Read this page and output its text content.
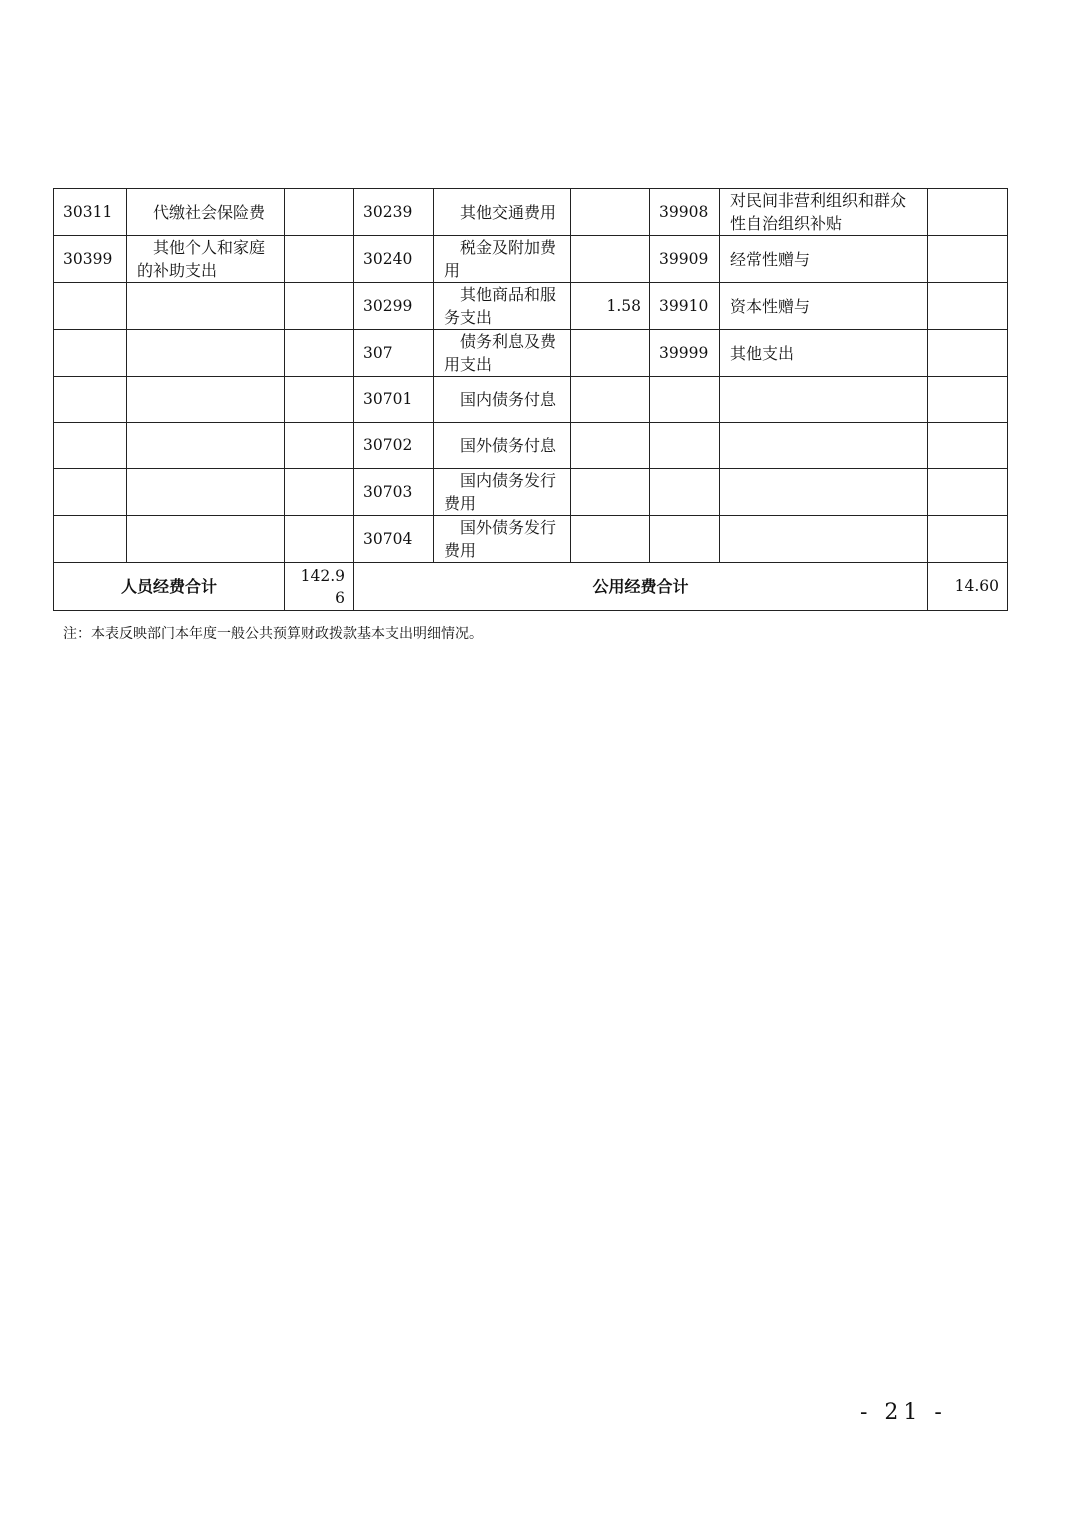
30311	代缴社会保险费		30239	其他交通费用		39908	对民间非营利组织和群众性自治组织补贴	
30399	其他个人和家庭的补助支出		30240	税金及附加费用		39909	经常性赠与	
			30299	其他商品和服务支出	1.58	39910	资本性赠与	
			307	债务利息及费用支出		39999	其他支出	
			30701	国内债务付息				
			30702	国外债务付息				
			30703	国内债务发行费用				
			30704	国外债务发行费用				
人员经费合计		142.96	公用经费合计					14.60

注：本表反映部门本年度一般公共预算财政拨款基本支出明细情况。

- 21 -
